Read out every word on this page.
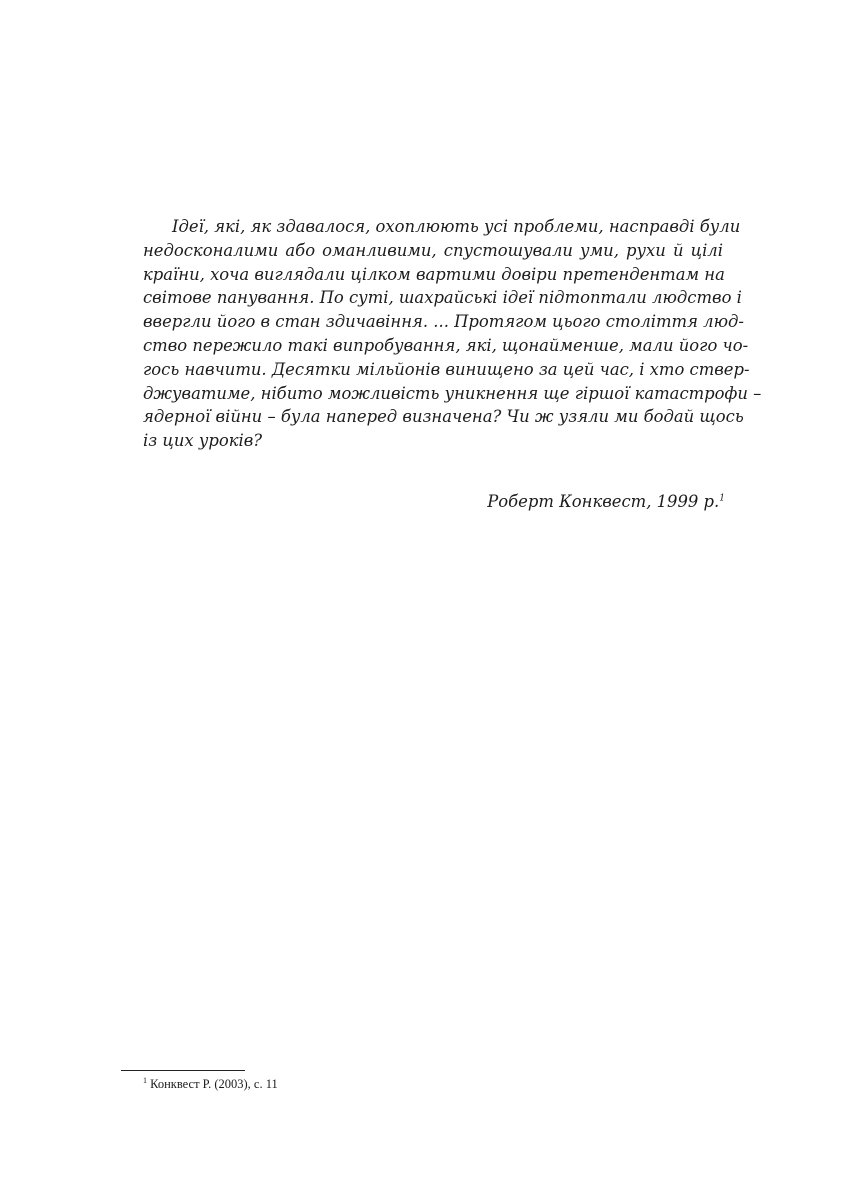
Ідеї, які, як здавалося, охоплюють усі проблеми, насправді були
недосконалими або оманливими, спустошували уми, рухи й цілі
країни, хоча виглядали цілком вартими довіри претендентам на
світове панування. По суті, шахрайські ідеї підтоптали людство і
ввергли його в стан здичавіння. ... Протягом цього століття люд-
ство пережило такі випробування, які, щонайменше, мали його чо-
гось навчити. Десятки мільйонів винищено за цей час, і хто ствер-
джуватиме, нібито можливість уникнення ще гіршої катастрофи –
ядерної війни – була наперед визначена? Чи ж узяли ми бодай щось
із цих уроків?
Роберт Конквест, 1999 р.$^1$
$^1$ Конквест Р. (2003), с. 11
